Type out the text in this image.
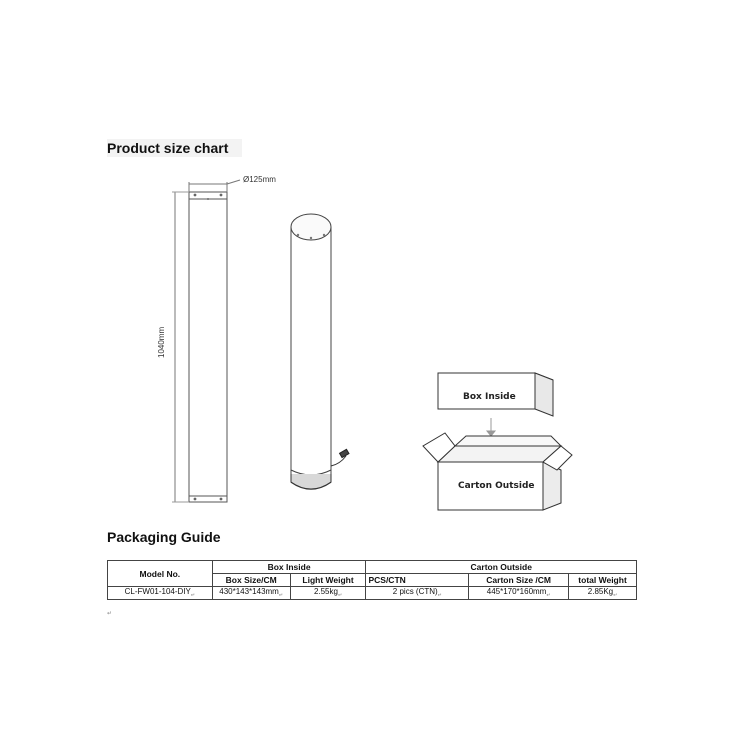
Product size chart
Ø125mm
1040mm
Box Inside
Carton Outside
Packaging Guide
Model No.	Box Inside		Carton Outside		
	Box Size/CM	Light Weight	PCS/CTN	Carton Size /CM	total Weight
$CL-FW01-104-DIY_↵$	$430*143*143mm_↵$	$2.55kg_↵$	2 pics $(CTN)_↵$	$445*170*160mm_↵$	$2.85Kg_↵$
↵
